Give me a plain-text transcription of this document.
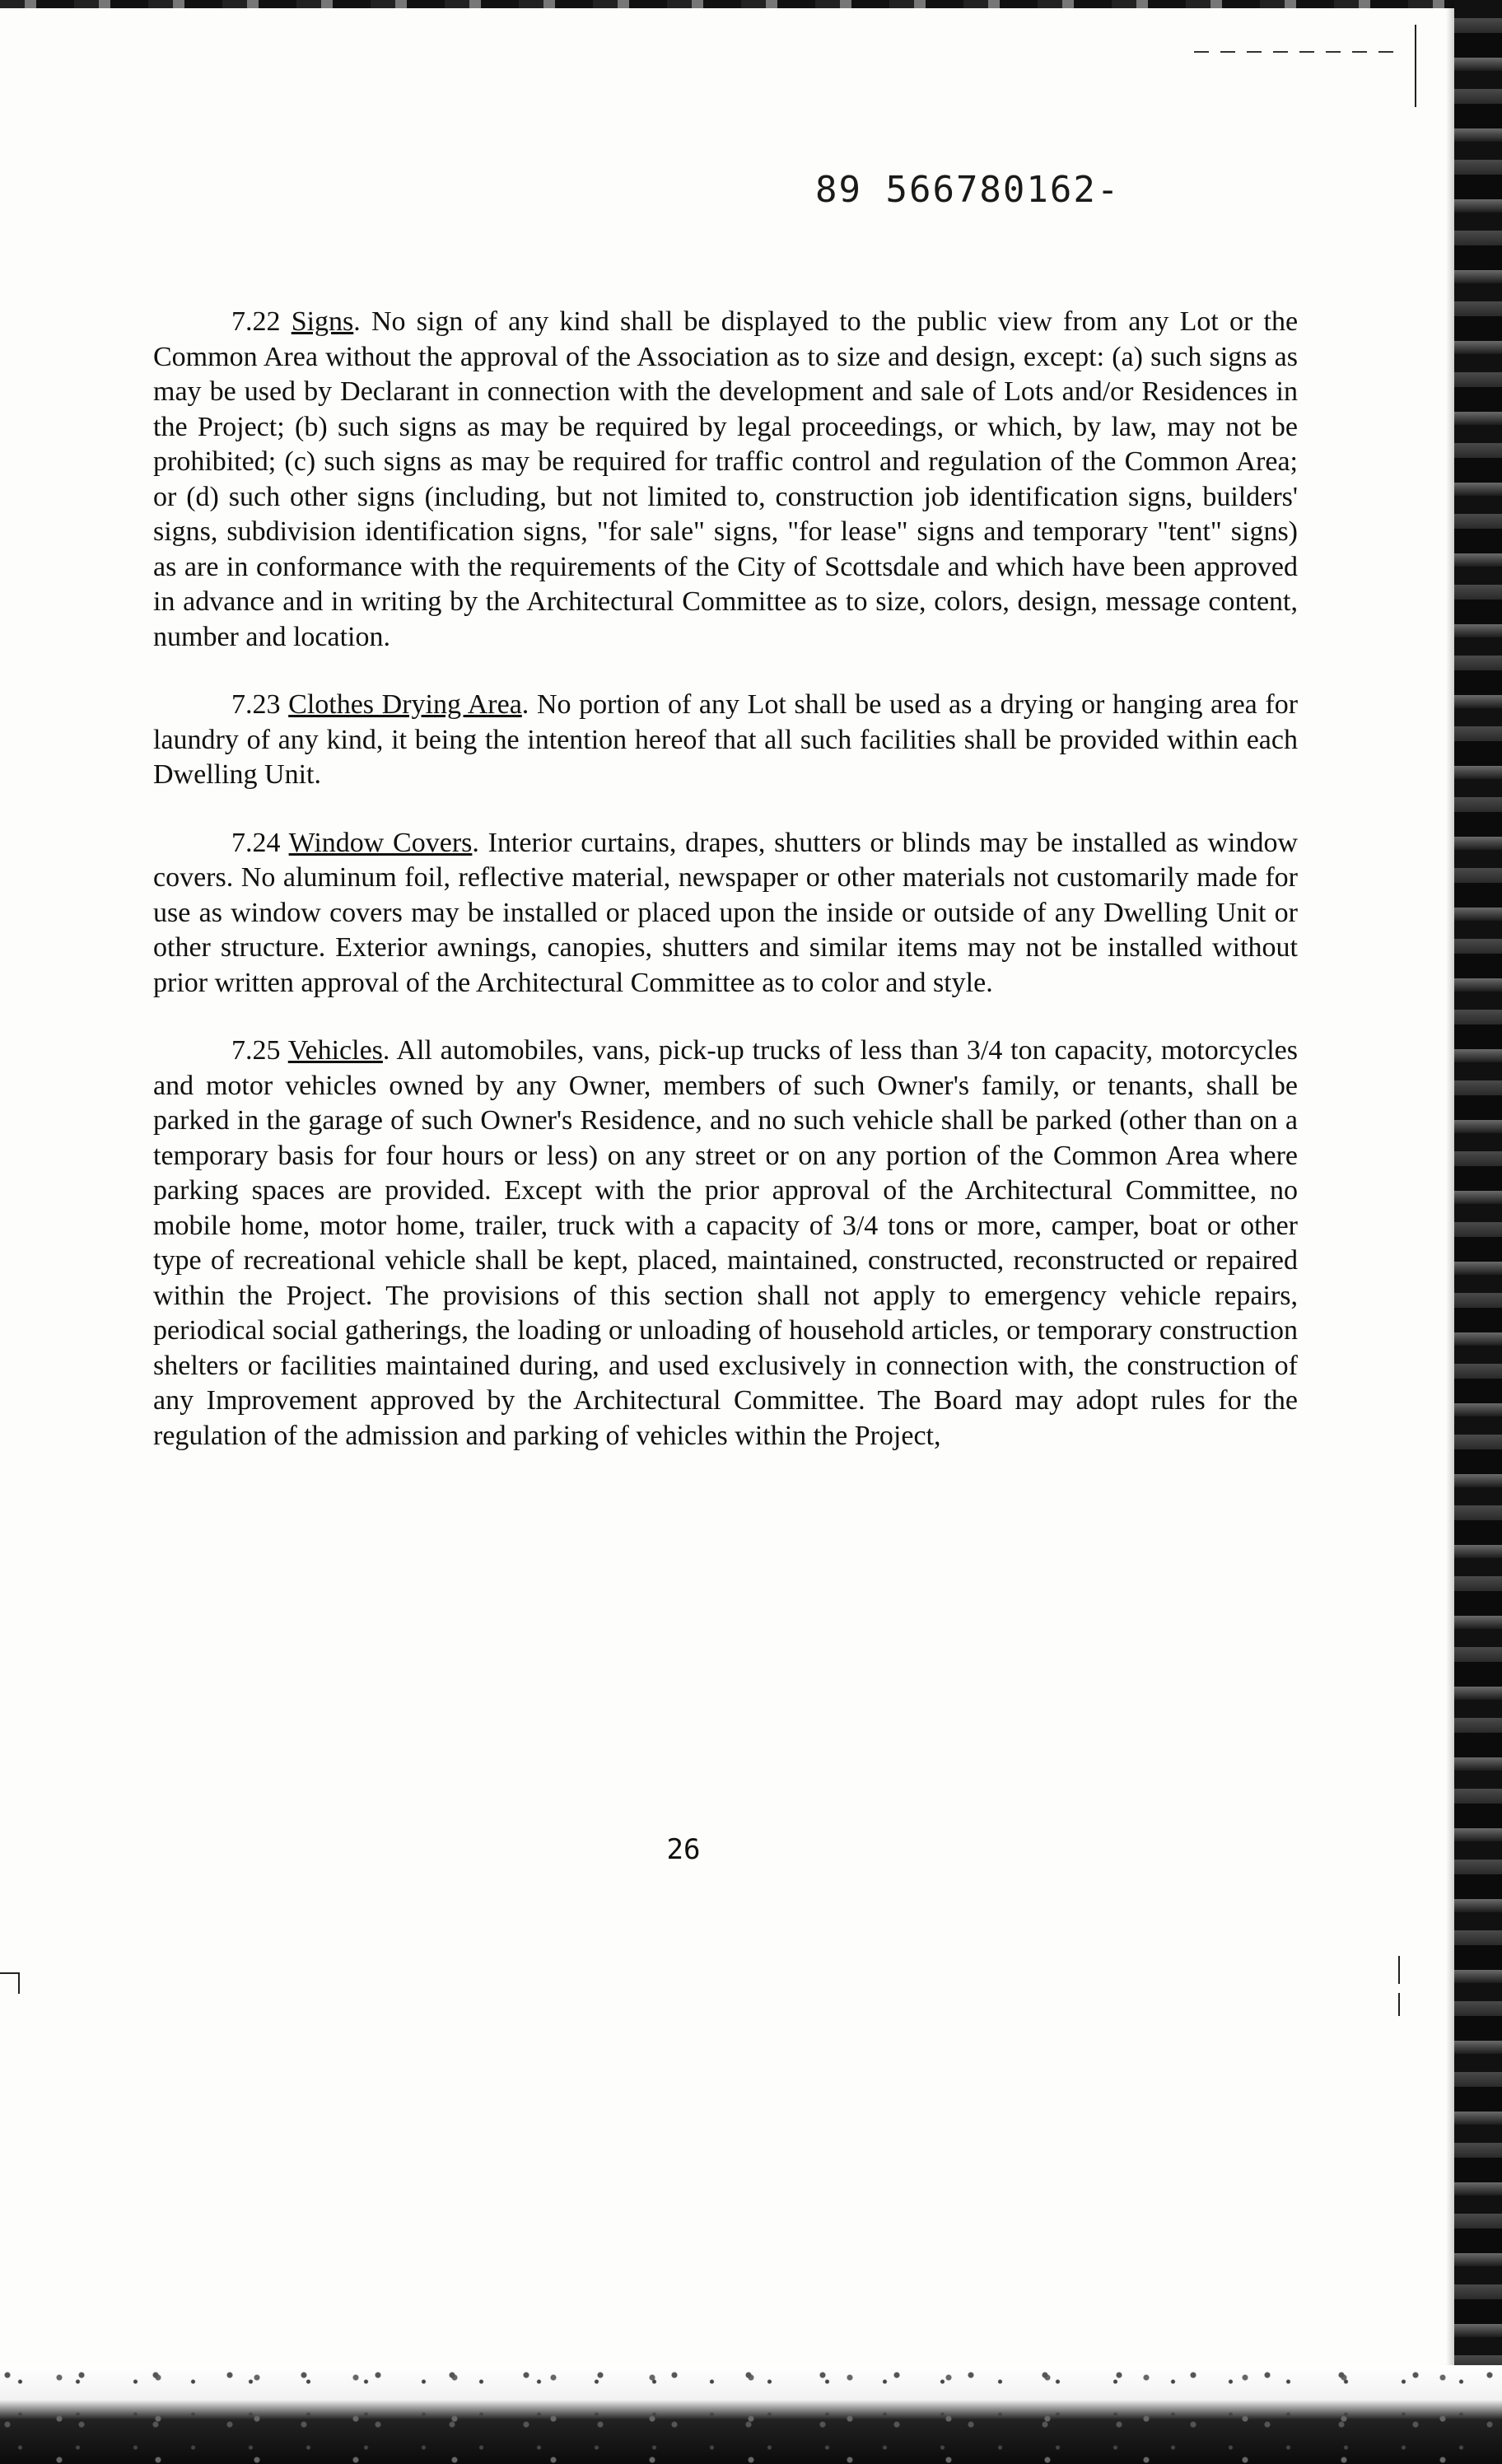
89 566780162-

7.22 Signs. No sign of any kind shall be displayed to the public view from any Lot or the Common Area without the approval of the Association as to size and design, except: (a) such signs as may be used by Declarant in connection with the development and sale of Lots and/or Residences in the Project; (b) such signs as may be required by legal proceedings, or which, by law, may not be prohibited; (c) such signs as may be required for traffic control and regulation of the Common Area; or (d) such other signs (including, but not limited to, construction job identification signs, builders' signs, subdivision identification signs, "for sale" signs, "for lease" signs and temporary "tent" signs) as are in conformance with the requirements of the City of Scottsdale and which have been approved in advance and in writing by the Architectural Committee as to size, colors, design, message content, number and location.

7.23 Clothes Drying Area. No portion of any Lot shall be used as a drying or hanging area for laundry of any kind, it being the intention hereof that all such facilities shall be provided within each Dwelling Unit.

7.24 Window Covers. Interior curtains, drapes, shutters or blinds may be installed as window covers. No aluminum foil, reflective material, newspaper or other materials not customarily made for use as window covers may be installed or placed upon the inside or outside of any Dwelling Unit or other structure. Exterior awnings, canopies, shutters and similar items may not be installed without prior written approval of the Architectural Committee as to color and style.

7.25 Vehicles. All automobiles, vans, pick-up trucks of less than 3/4 ton capacity, motorcycles and motor vehicles owned by any Owner, members of such Owner's family, or tenants, shall be parked in the garage of such Owner's Residence, and no such vehicle shall be parked (other than on a temporary basis for four hours or less) on any street or on any portion of the Common Area where parking spaces are provided. Except with the prior approval of the Architectural Committee, no mobile home, motor home, trailer, truck with a capacity of 3/4 tons or more, camper, boat or other type of recreational vehicle shall be kept, placed, maintained, constructed, reconstructed or repaired within the Project. The provisions of this section shall not apply to emergency vehicle repairs, periodical social gatherings, the loading or unloading of household articles, or temporary construction shelters or facilities maintained during, and used exclusively in connection with, the construction of any Improvement approved by the Architectural Committee. The Board may adopt rules for the regulation of the admission and parking of vehicles within the Project,

26
